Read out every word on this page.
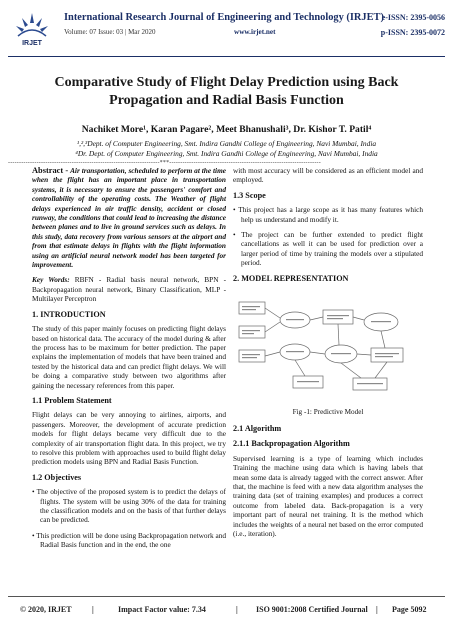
IRJET
International Research Journal of Engineering and Technology (IRJET)
Volume: 07 Issue: 03 | Mar 2020	www.irjet.net
e-ISSN: 2395-0056
p-ISSN: 2395-0072
Comparative Study of Flight Delay Prediction using Back Propagation and Radial Basis Function
Nachiket More¹, Karan Pagare², Meet Bhanushali³, Dr. Kishor T. Patil⁴
¹,²,³Dept. of Computer Engineering, Smt. Indira Gandhi College of Engineering, Navi Mumbai, India
⁴Dr. Dept. of Computer Engineering, Smt. Indira Gandhi College of Engineering, Navi Mumbai, India
---------------------------------------------------------------------***---------------------------------------------------------------------

Abstract - Air transportation, scheduled to perform at the time when the flight has an important place in transportation systems, it is necessary to ensure the passengers' comfort and controllability of the operating costs. The Weather of flight delays experienced in air traffic density, accident or closed runway, the conditions that could lead to increasing the distance between planes and to live in ground services such as delays. In this study, data recovery from various sensors at the airport and from that estimate delays in flights with the flight information using an artificial neural network model has been targeted for improvement.

Key Words: RBFN - Radial basis neural network, BPN - Backpropagation neural network, Binary Classification, MLP - Multilayer Perceptron

1. INTRODUCTION

The study of this paper mainly focuses on predicting flight delays based on historical data. The accuracy of the model during & after the process has to be maximum for better prediction. The paper explains the implementation of models that have been trained and tested by the historical data and can predict flight delays. We will be doing a comparative study between two algorithms after gaining the necessary references from this paper.

1.1 Problem Statement

Flight delays can be very annoying to airlines, airports, and passengers. Moreover, the development of accurate prediction models for flight delays became very difficult due to the complexity of air transportation flight data. In this project, we try to resolve this problem with approaches used to build flight delay prediction models using BPN and Radial Basis Function.

1.2 Objectives

• The objective of the proposed system is to predict the delays of flights. The system will be using 30% of the data for training the classification models and on the basis of that further delays can be predicted.

• This prediction will be done using Backpropagation network and Radial Basis function and in the end, the one

with most accuracy will be considered as an efficient model and employed.

1.3 Scope

• This project has a large scope as it has many features which help us understand and modify it.

• The project can be further extended to predict flight cancellations as well it can be used for prediction over a larger period of time by training the models over a stipulated period.

2. MODEL REPRESENTATION

Fig -1: Predictive Model

2.1 Algorithm
2.1.1 Backpropagation Algorithm

Supervised learning is a type of learning which includes Training the machine using data which is having labels that mean some data is already tagged with the correct answer. After that, the machine is feed with a new data algorithm analyses the training data (set of training examples) and produces a correct outcome from labeled data. Back-propagation is a very important part of neural net training. It is the method which includes the weights of a neural net based on the error computed (i.e., iteration).

© 2020, IRJET	|	Impact Factor value: 7.34	| ISO 9001:2008 Certified Journal | Page 5092
